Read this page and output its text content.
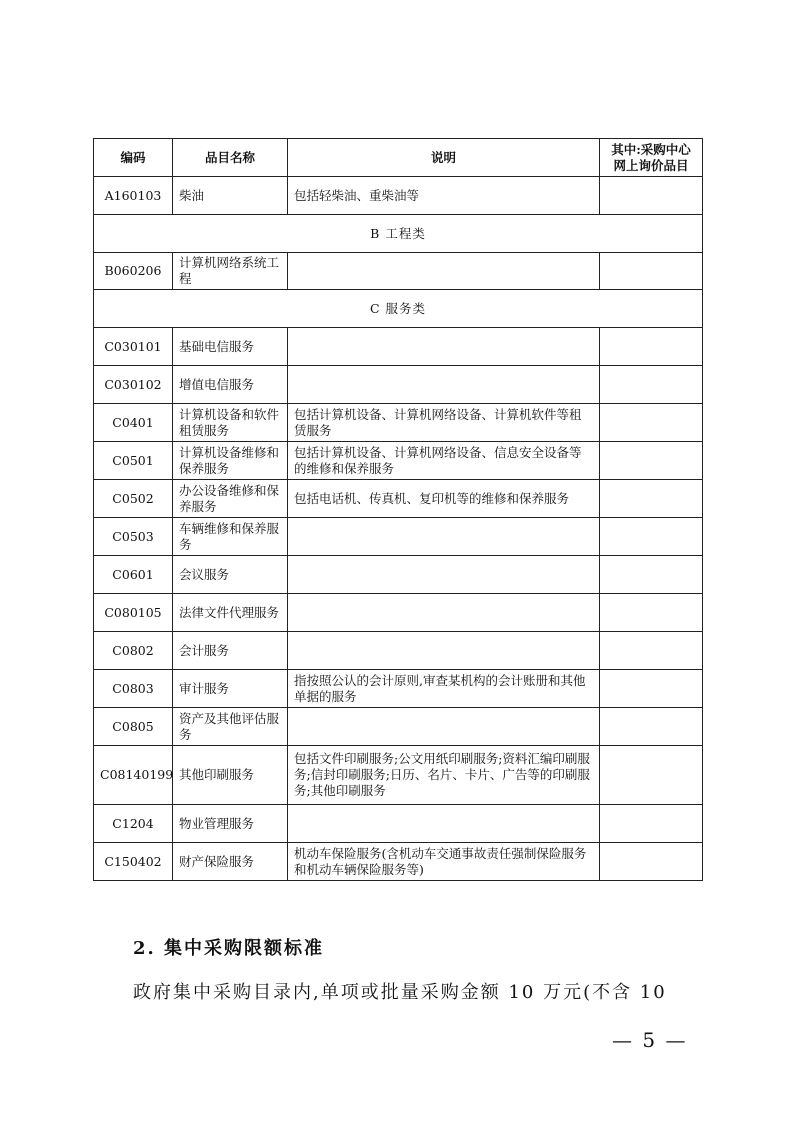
编码	品目名称	说明	其中:采购中心网上询价品目
A160103	柴油	包括轻柴油、重柴油等	
B 工程类			
B060206	计算机网络系统工程		
C 服务类			
C030101	基础电信服务		
C030102	增值电信服务		
C0401	计算机设备和软件租赁服务	包括计算机设备、计算机网络设备、计算机软件等租赁服务	
C0501	计算机设备维修和保养服务	包括计算机设备、计算机网络设备、信息安全设备等的维修和保养服务	
C0502	办公设备维修和保养服务	包括电话机、传真机、复印机等的维修和保养服务	
C0503	车辆维修和保养服务		
C0601	会议服务		
C080105	法律文件代理服务		
C0802	会计服务		
C0803	审计服务	指按照公认的会计原则,审查某机构的会计账册和其他单据的服务	
C0805	资产及其他评估服务		
C08140199	其他印刷服务	包括文件印刷服务;公文用纸印刷服务;资料汇编印刷服务;信封印刷服务;日历、名片、卡片、广告等的印刷服务;其他印刷服务	
C1204	物业管理服务		
C150402	财产保险服务	机动车保险服务(含机动车交通事故责任强制保险服务和机动车辆保险服务等)	
2. 集中采购限额标准
政府集中采购目录内,单项或批量采购金额 10 万元(不含 10
— 5 —
